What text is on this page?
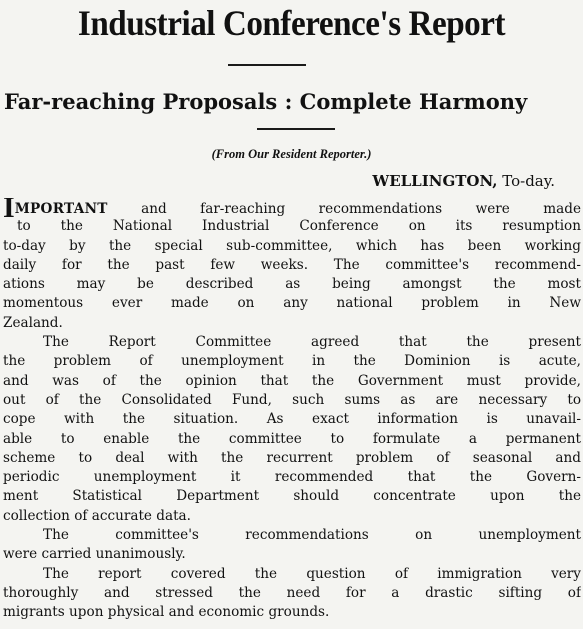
Industrial Conference's Report
Far-reaching Proposals : Complete Harmony
(From Our Resident Reporter.)
WELLINGTON, To-day.
IMPORTANT and far-reaching recommendations were made
to the National Industrial Conference on its resumption
to-day by the special sub-committee, which has been working
daily for the past few weeks. The committee's recommend-
ations may be described as being amongst the most
momentous ever made on any national problem in New
Zealand.
The Report Committee agreed that the present
the problem of unemployment in the Dominion is acute,
and was of the opinion that the Government must provide,
out of the Consolidated Fund, such sums as are necessary to
cope with the situation. As exact information is unavail-
able to enable the committee to formulate a permanent
scheme to deal with the recurrent problem of seasonal and
periodic unemployment it recommended that the Govern-
ment Statistical Department should concentrate upon the
collection of accurate data.
The committee's recommendations on unemployment
were carried unanimously.
The report covered the question of immigration very
thoroughly and stressed the need for a drastic sifting of
migrants upon physical and economic grounds.
